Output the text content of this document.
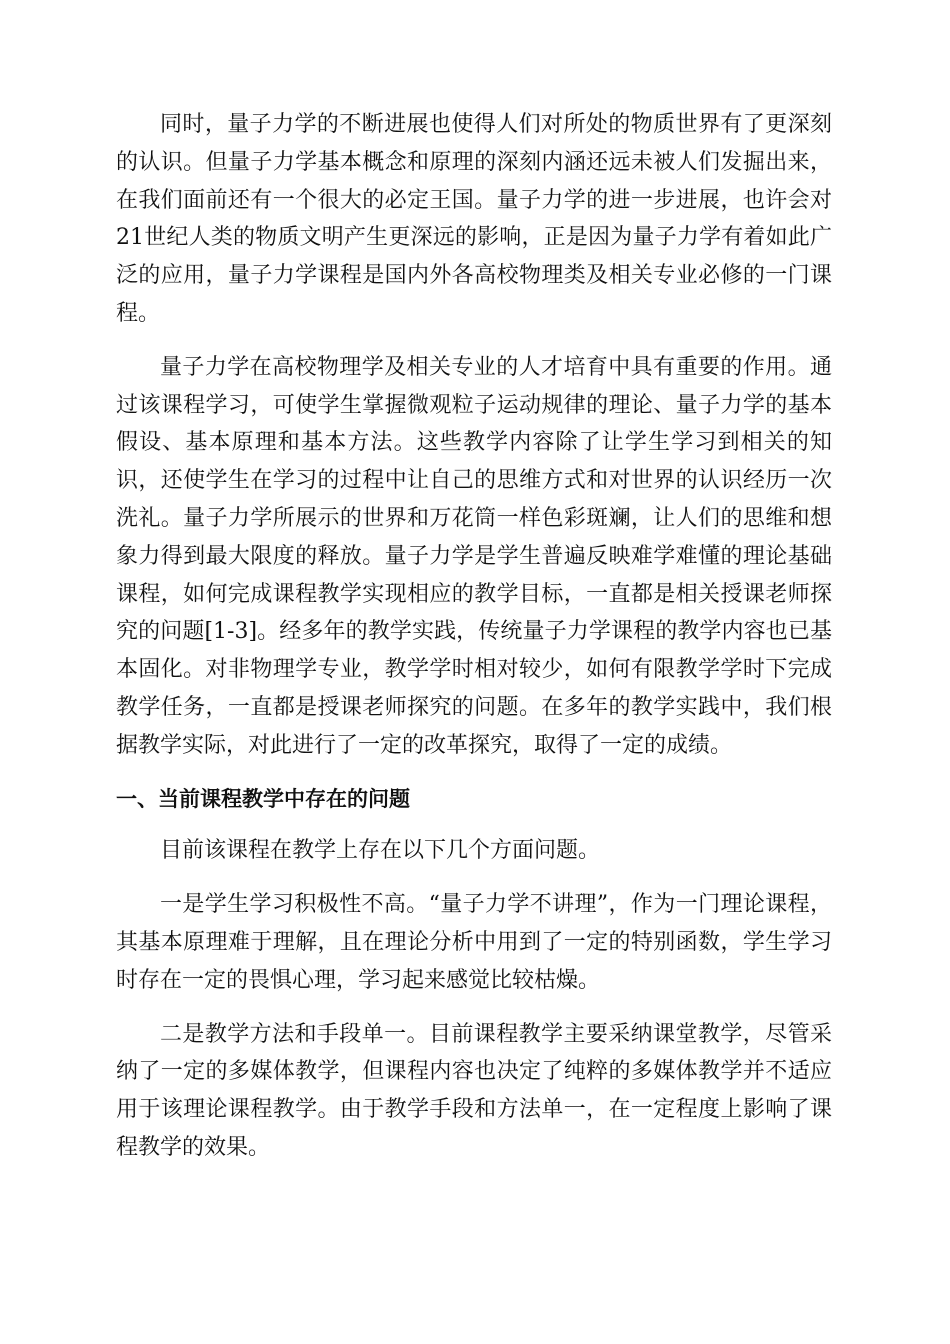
同时，量子力学的不断进展也使得人们对所处的物质世界有了更深刻的认识。但量子力学基本概念和原理的深刻内涵还远未被人们发掘出来，在我们面前还有一个很大的必定王国。量子力学的进一步进展，也许会对21世纪人类的物质文明产生更深远的影响，正是因为量子力学有着如此广泛的应用，量子力学课程是国内外各高校物理类及相关专业必修的一门课程。

量子力学在高校物理学及相关专业的人才培育中具有重要的作用。通过该课程学习，可使学生掌握微观粒子运动规律的理论、量子力学的基本假设、基本原理和基本方法。这些教学内容除了让学生学习到相关的知识，还使学生在学习的过程中让自己的思维方式和对世界的认识经历一次洗礼。量子力学所展示的世界和万花筒一样色彩斑斓，让人们的思维和想象力得到最大限度的释放。量子力学是学生普遍反映难学难懂的理论基础课程，如何完成课程教学实现相应的教学目标，一直都是相关授课老师探究的问题[1-3]。经多年的教学实践，传统量子力学课程的教学内容也已基本固化。对非物理学专业，教学学时相对较少，如何有限教学学时下完成教学任务，一直都是授课老师探究的问题。在多年的教学实践中，我们根据教学实际，对此进行了一定的改革探究，取得了一定的成绩。

一、当前课程教学中存在的问题

目前该课程在教学上存在以下几个方面问题。

一是学生学习积极性不高。“量子力学不讲理”，作为一门理论课程，其基本原理难于理解，且在理论分析中用到了一定的特别函数，学生学习时存在一定的畏惧心理，学习起来感觉比较枯燥。

二是教学方法和手段单一。目前课程教学主要采纳课堂教学，尽管采纳了一定的多媒体教学，但课程内容也决定了纯粹的多媒体教学并不适应用于该理论课程教学。由于教学手段和方法单一，在一定程度上影响了课程教学的效果。
